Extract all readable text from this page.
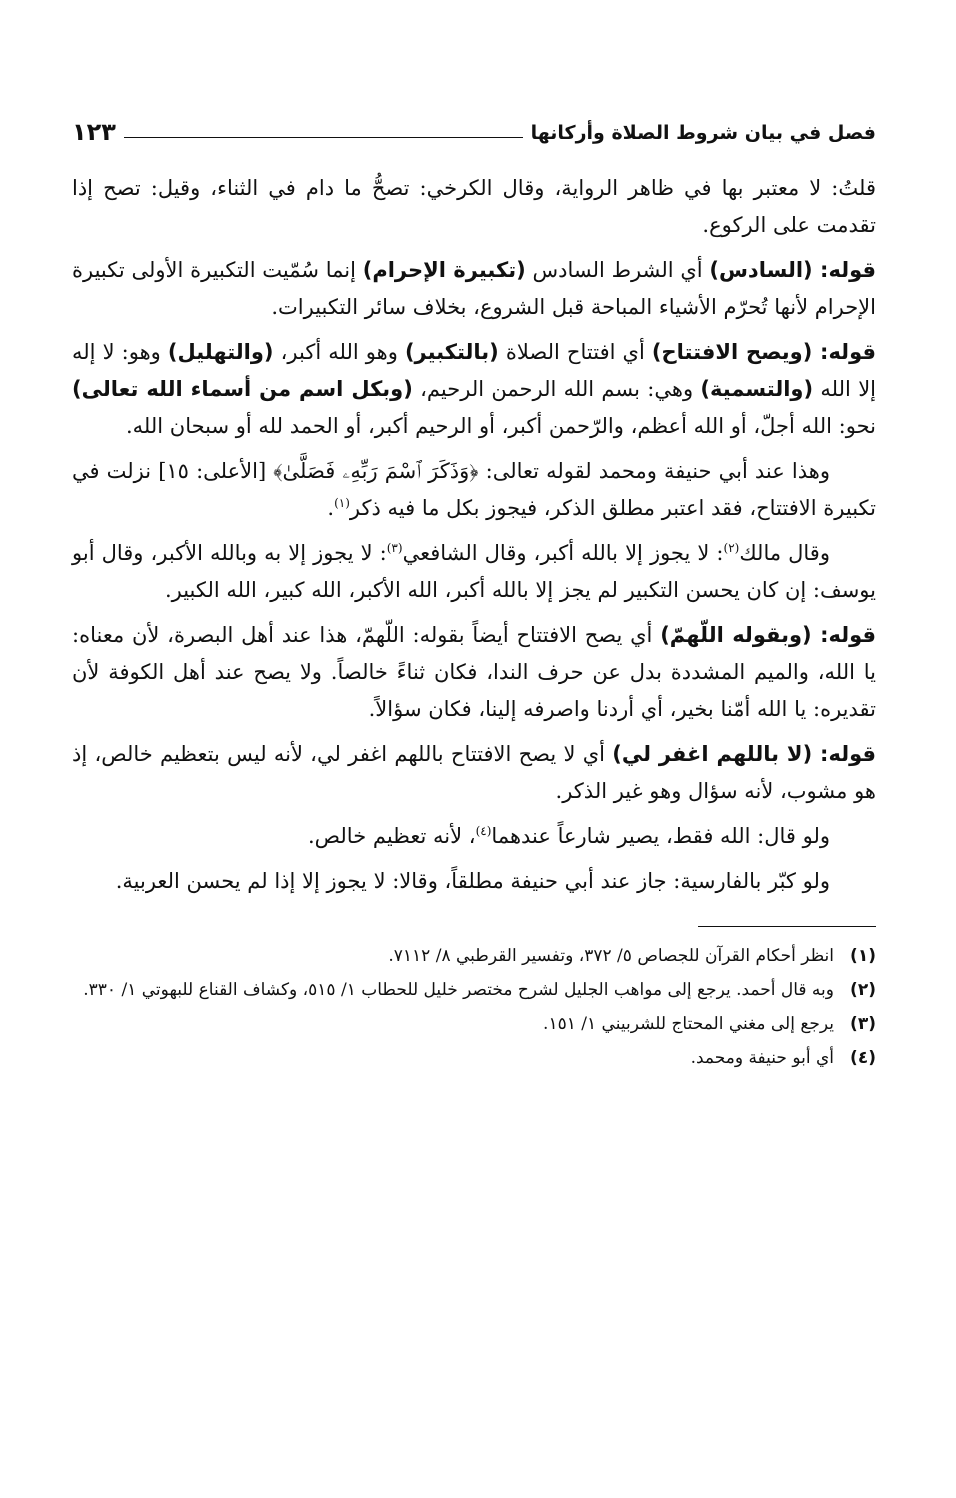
فصل في بيان شروط الصلاة وأركانها
١٢٣

قلتُ: لا معتبر بها في ظاهر الرواية، وقال الكرخي: تصحُّ ما دام في الثناء، وقيل: تصح إذا تقدمت على الركوع.

قوله: (السادس) أي الشرط السادس (تكبيرة الإحرام) إنما سُمّيت التكبيرة الأولى تكبيرة الإحرام لأنها تُحرّم الأشياء المباحة قبل الشروع، بخلاف سائر التكبيرات.

قوله: (ويصح الافتتاح) أي افتتاح الصلاة (بالتكبير) وهو الله أكبر، (والتهليل) وهو: لا إله إلا الله (والتسمية) وهي: بسم الله الرحمن الرحيم، (وبكل اسم من أسماء الله تعالى) نحو: الله أجلّ، أو الله أعظم، والرّحمن أكبر، أو الرحيم أكبر، أو الحمد لله أو سبحان الله.

وهذا عند أبي حنيفة ومحمد لقوله تعالى: ﴿وَذَكَرَ ٱسْمَ رَبِّهِۦ فَصَلَّىٰ﴾ [الأعلى: ١٥] نزلت في تكبيرة الافتتاح، فقد اعتبر مطلق الذكر، فيجوز بكل ما فيه ذكر$^{(١)}$.

وقال مالك$^{(٢)}$: لا يجوز إلا بالله أكبر، وقال الشافعي$^{(٣)}$: لا يجوز إلا به وبالله الأكبر، وقال أبو يوسف: إن كان يحسن التكبير لم يجز إلا بالله أكبر، الله الأكبر، الله كبير، الله الكبير.

قوله: (وبقوله اللّهمّ) أي يصح الافتتاح أيضاً بقوله: اللّهمّ، هذا عند أهل البصرة، لأن معناه: يا الله، والميم المشددة بدل عن حرف الندا، فكان ثناءً خالصاً. ولا يصح عند أهل الكوفة لأن تقديره: يا الله أمّنا بخير، أي أردنا واصرفه إلينا، فكان سؤالاً.

قوله: (لا باللهم اغفر لي) أي لا يصح الافتتاح باللهم اغفر لي، لأنه ليس بتعظيم خالص، إذ هو مشوب، لأنه سؤال وهو غير الذكر.

ولو قال: الله فقط، يصير شارعاً عندهما$^{(٤)}$، لأنه تعظيم خالص.

ولو كبّر بالفارسية: جاز عند أبي حنيفة مطلقاً، وقالا: لا يجوز إلا إذا لم يحسن العربية.

(١)
انظر أحكام القرآن للجصاص ٥/ ٣٧٢، وتفسير القرطبي ٨/ ٧١١٢.
(٢)
وبه قال أحمد. يرجع إلى مواهب الجليل لشرح مختصر خليل للحطاب ١/ ٥١٥، وكشاف القناع للبهوتي ١/ ٣٣٠.
(٣)
يرجع إلى مغني المحتاج للشربيني ١/ ١٥١.
(٤)
أي أبو حنيفة ومحمد.
